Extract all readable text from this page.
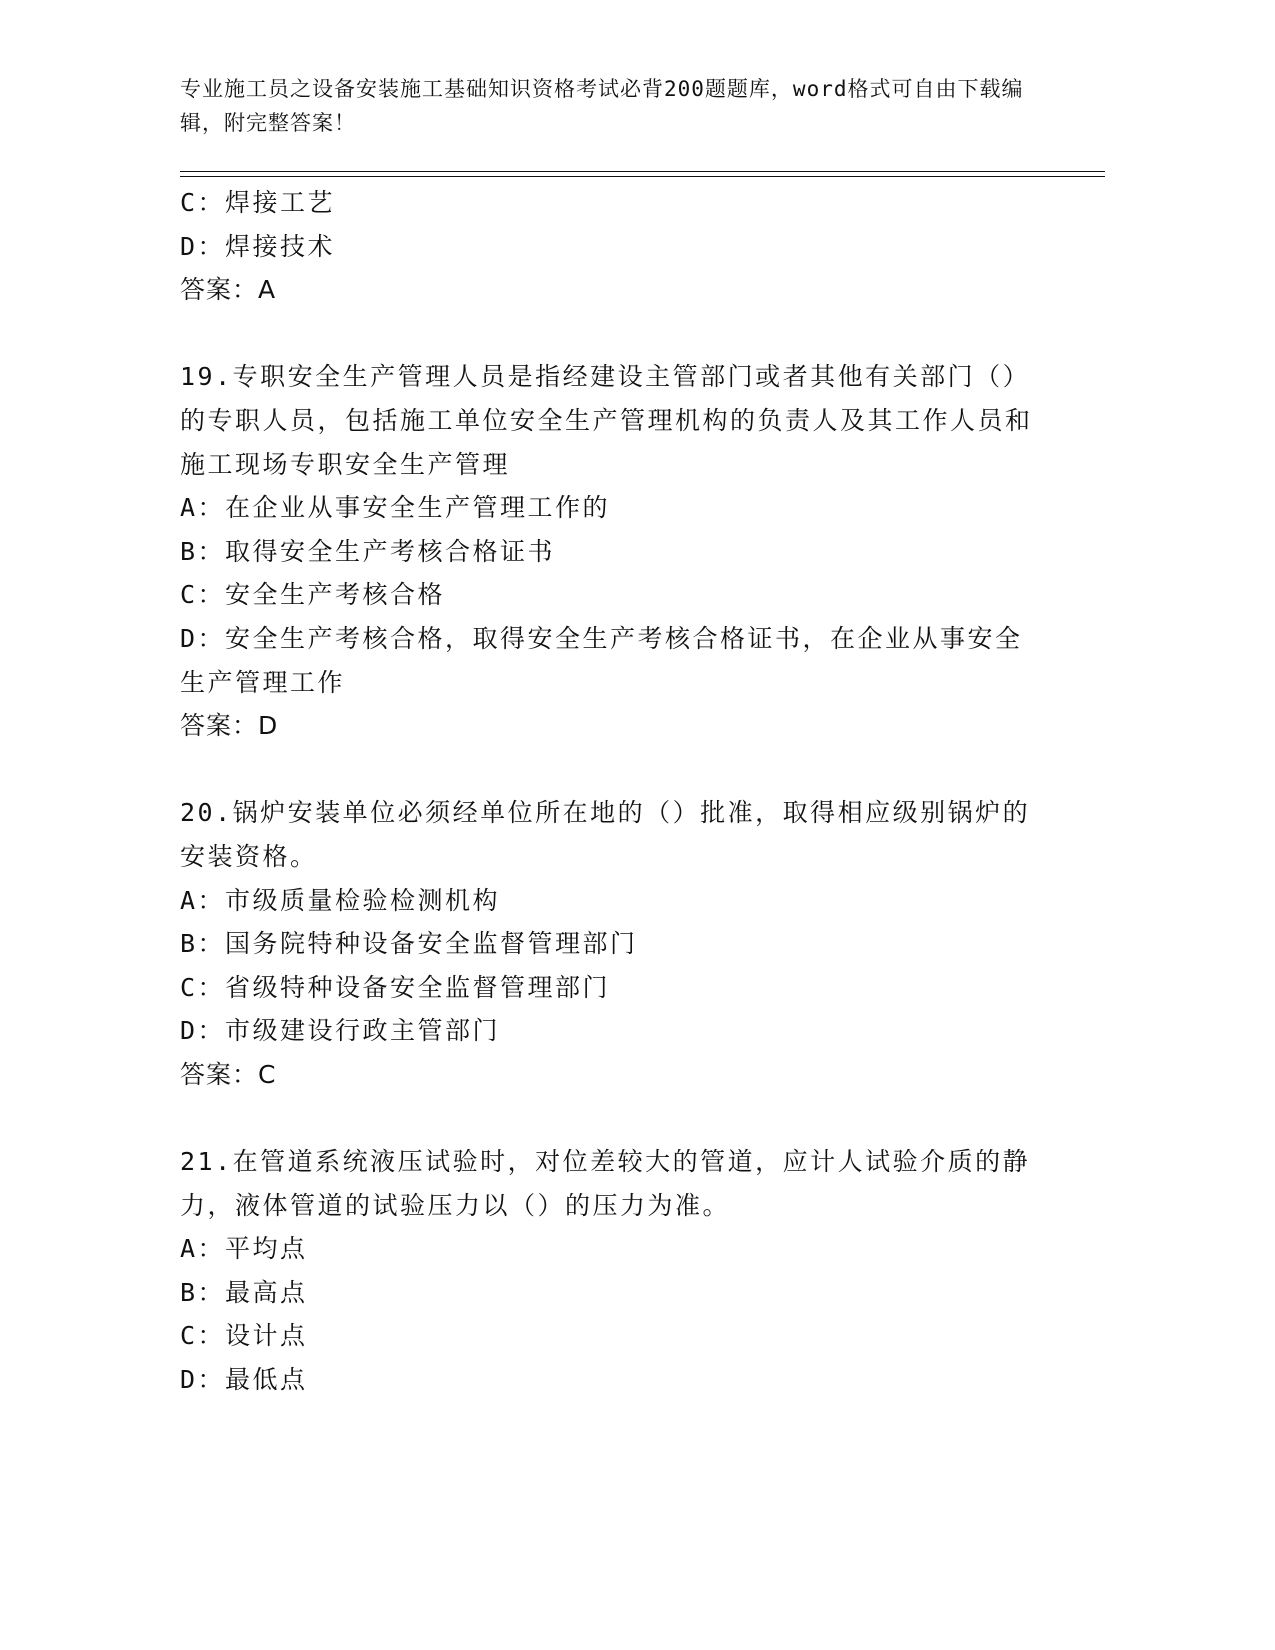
专业施工员之设备安装施工基础知识资格考试必背200题题库，word格式可自由下载编辑，附完整答案！
C：焊接工艺
D：焊接技术
答案：A
19.专职安全生产管理人员是指经建设主管部门或者其他有关部门（）的专职人员，包括施工单位安全生产管理机构的负责人及其工作人员和施工现场专职安全生产管理
A：在企业从事安全生产管理工作的
B：取得安全生产考核合格证书
C：安全生产考核合格
D：安全生产考核合格，取得安全生产考核合格证书，在企业从事安全生产管理工作
答案：D
20.锅炉安装单位必须经单位所在地的（）批准，取得相应级别锅炉的安装资格。
A：市级质量检验检测机构
B：国务院特种设备安全监督管理部门
C：省级特种设备安全监督管理部门
D：市级建设行政主管部门
答案：C
21.在管道系统液压试验时，对位差较大的管道，应计人试验介质的静力，液体管道的试验压力以（）的压力为准。
A：平均点
B：最高点
C：设计点
D：最低点
